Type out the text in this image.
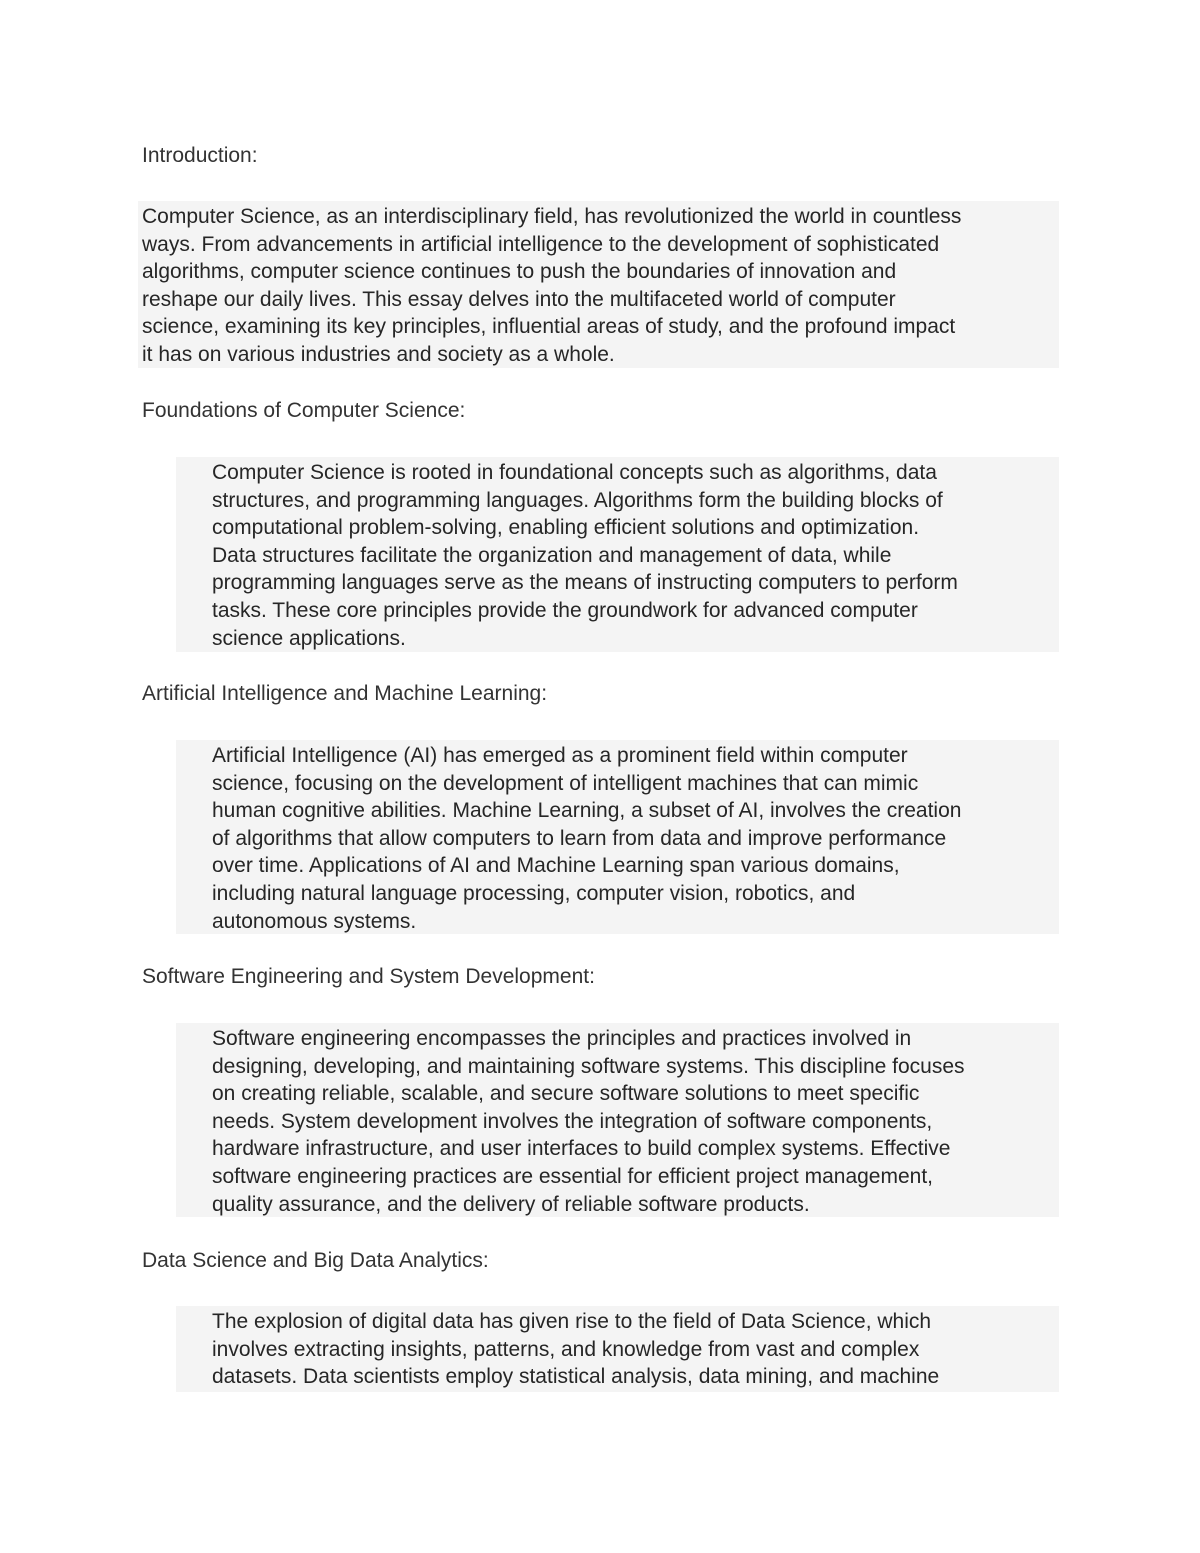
Introduction:

Computer Science, as an interdisciplinary field, has revolutionized the world in countless
ways. From advancements in artificial intelligence to the development of sophisticated
algorithms, computer science continues to push the boundaries of innovation and
reshape our daily lives. This essay delves into the multifaceted world of computer
science, examining its key principles, influential areas of study, and the profound impact
it has on various industries and society as a whole.

Foundations of Computer Science:

Computer Science is rooted in foundational concepts such as algorithms, data
structures, and programming languages. Algorithms form the building blocks of
computational problem-solving, enabling efficient solutions and optimization.
Data structures facilitate the organization and management of data, while
programming languages serve as the means of instructing computers to perform
tasks. These core principles provide the groundwork for advanced computer
science applications.

Artificial Intelligence and Machine Learning:

Artificial Intelligence (AI) has emerged as a prominent field within computer
science, focusing on the development of intelligent machines that can mimic
human cognitive abilities. Machine Learning, a subset of AI, involves the creation
of algorithms that allow computers to learn from data and improve performance
over time. Applications of AI and Machine Learning span various domains,
including natural language processing, computer vision, robotics, and
autonomous systems.

Software Engineering and System Development:

Software engineering encompasses the principles and practices involved in
designing, developing, and maintaining software systems. This discipline focuses
on creating reliable, scalable, and secure software solutions to meet specific
needs. System development involves the integration of software components,
hardware infrastructure, and user interfaces to build complex systems. Effective
software engineering practices are essential for efficient project management,
quality assurance, and the delivery of reliable software products.

Data Science and Big Data Analytics:

The explosion of digital data has given rise to the field of Data Science, which
involves extracting insights, patterns, and knowledge from vast and complex
datasets. Data scientists employ statistical analysis, data mining, and machine
